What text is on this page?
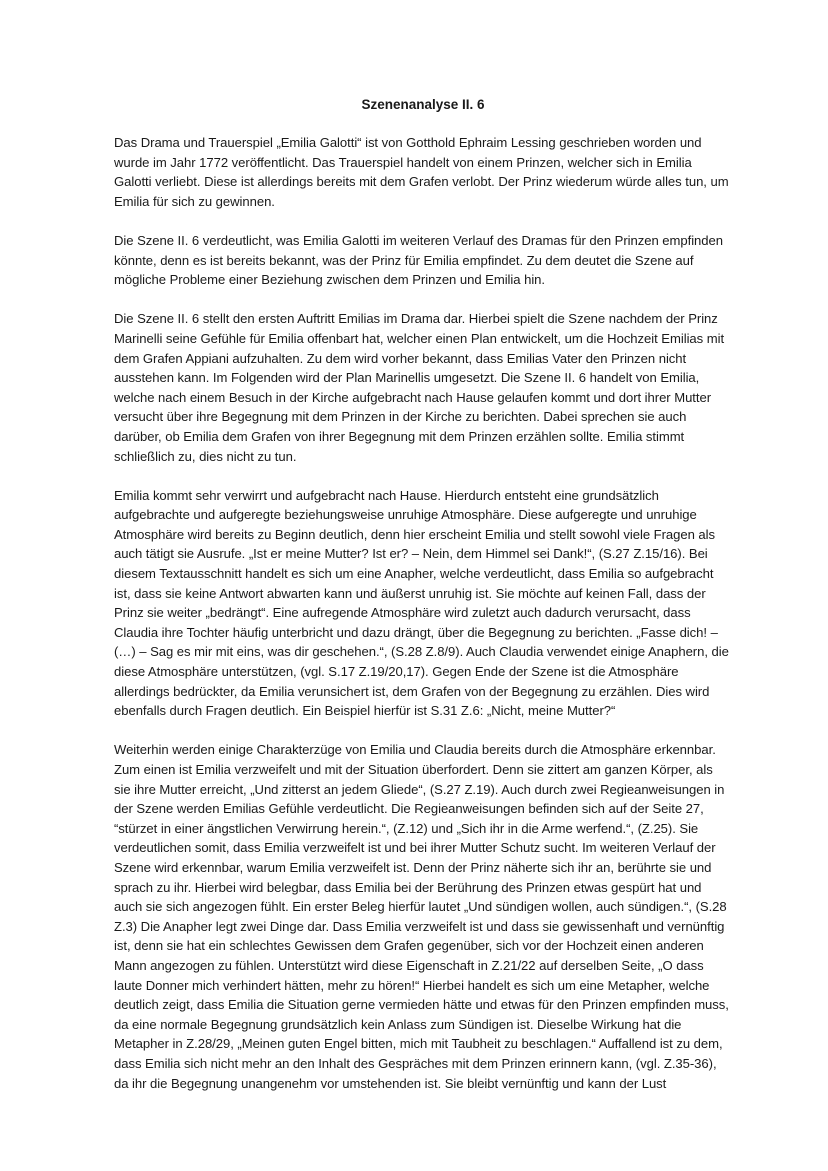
Szenenanalyse II. 6

Das Drama und Trauerspiel „Emilia Galotti“ ist von Gotthold Ephraim Lessing geschrieben worden und wurde im Jahr 1772 veröffentlicht. Das Trauerspiel handelt von einem Prinzen, welcher sich in Emilia Galotti verliebt. Diese ist allerdings bereits mit dem Grafen verlobt. Der Prinz wiederum würde alles tun, um Emilia für sich zu gewinnen.

Die Szene II. 6 verdeutlicht, was Emilia Galotti im weiteren Verlauf des Dramas für den Prinzen empfinden könnte, denn es ist bereits bekannt, was der Prinz für Emilia empfindet. Zu dem deutet die Szene auf mögliche Probleme einer Beziehung zwischen dem Prinzen und Emilia hin.

Die Szene II. 6 stellt den ersten Auftritt Emilias im Drama dar. Hierbei spielt die Szene nachdem der Prinz Marinelli seine Gefühle für Emilia offenbart hat, welcher einen Plan entwickelt, um die Hochzeit Emilias mit dem Grafen Appiani aufzuhalten. Zu dem wird vorher bekannt, dass Emilias Vater den Prinzen nicht ausstehen kann. Im Folgenden wird der Plan Marinellis umgesetzt. Die Szene II. 6 handelt von Emilia, welche nach einem Besuch in der Kirche aufgebracht nach Hause gelaufen kommt und dort ihrer Mutter versucht über ihre Begegnung mit dem Prinzen in der Kirche zu berichten. Dabei sprechen sie auch darüber, ob Emilia dem Grafen von ihrer Begegnung mit dem Prinzen erzählen sollte. Emilia stimmt schließlich zu, dies nicht zu tun.

Emilia kommt sehr verwirrt und aufgebracht nach Hause. Hierdurch entsteht eine grundsätzlich aufgebrachte und aufgeregte beziehungsweise unruhige Atmosphäre. Diese aufgeregte und unruhige Atmosphäre wird bereits zu Beginn deutlich, denn hier erscheint Emilia und stellt sowohl viele Fragen als auch tätigt sie Ausrufe. „Ist er meine Mutter? Ist er? – Nein, dem Himmel sei Dank!“, (S.27 Z.15/16). Bei diesem Textausschnitt handelt es sich um eine Anapher, welche verdeutlicht, dass Emilia so aufgebracht ist, dass sie keine Antwort abwarten kann und äußerst unruhig ist. Sie möchte auf keinen Fall, dass der Prinz sie weiter „bedrängt“. Eine aufregende Atmosphäre wird zuletzt auch dadurch verursacht, dass Claudia ihre Tochter häufig unterbricht und dazu drängt, über die Begegnung zu berichten. „Fasse dich! – (…) – Sag es mir mit eins, was dir geschehen.“, (S.28 Z.8/9). Auch Claudia verwendet einige Anaphern, die diese Atmosphäre unterstützen, (vgl. S.17 Z.19/20,17). Gegen Ende der Szene ist die Atmosphäre allerdings bedrückter, da Emilia verunsichert ist, dem Grafen von der Begegnung zu erzählen. Dies wird ebenfalls durch Fragen deutlich. Ein Beispiel hierfür ist S.31 Z.6: „Nicht, meine Mutter?“

Weiterhin werden einige Charakterzüge von Emilia und Claudia bereits durch die Atmosphäre erkennbar. Zum einen ist Emilia verzweifelt und mit der Situation überfordert. Denn sie zittert am ganzen Körper, als sie ihre Mutter erreicht, „Und zitterst an jedem Gliede“, (S.27 Z.19). Auch durch zwei Regieanweisungen in der Szene werden Emilias Gefühle verdeutlicht. Die Regieanweisungen befinden sich auf der Seite 27, “stürzet in einer ängstlichen Verwirrung herein.“, (Z.12) und „Sich ihr in die Arme werfend.“, (Z.25). Sie verdeutlichen somit, dass Emilia verzweifelt ist und bei ihrer Mutter Schutz sucht. Im weiteren Verlauf der Szene wird erkennbar, warum Emilia verzweifelt ist. Denn der Prinz näherte sich ihr an, berührte sie und sprach zu ihr. Hierbei wird belegbar, dass Emilia bei der Berührung des Prinzen etwas gespürt hat und auch sie sich angezogen fühlt. Ein erster Beleg hierfür lautet „Und sündigen wollen, auch sündigen.“, (S.28 Z.3) Die Anapher legt zwei Dinge dar. Dass Emilia verzweifelt ist und dass sie gewissenhaft und vernünftig ist, denn sie hat ein schlechtes Gewissen dem Grafen gegenüber, sich vor der Hochzeit einen anderen Mann angezogen zu fühlen. Unterstützt wird diese Eigenschaft in Z.21/22 auf derselben Seite, „O dass laute Donner mich verhindert hätten, mehr zu hören!“ Hierbei handelt es sich um eine Metapher, welche deutlich zeigt, dass Emilia die Situation gerne vermieden hätte und etwas für den Prinzen empfinden muss, da eine normale Begegnung grundsätzlich kein Anlass zum Sündigen ist. Dieselbe Wirkung hat die Metapher in Z.28/29, „Meinen guten Engel bitten, mich mit Taubheit zu beschlagen.“ Auffallend ist zu dem, dass Emilia sich nicht mehr an den Inhalt des Gespräches mit dem Prinzen erinnern kann, (vgl. Z.35-36), da ihr die Begegnung unangenehm vor umstehenden ist. Sie bleibt vernünftig und kann der Lust
